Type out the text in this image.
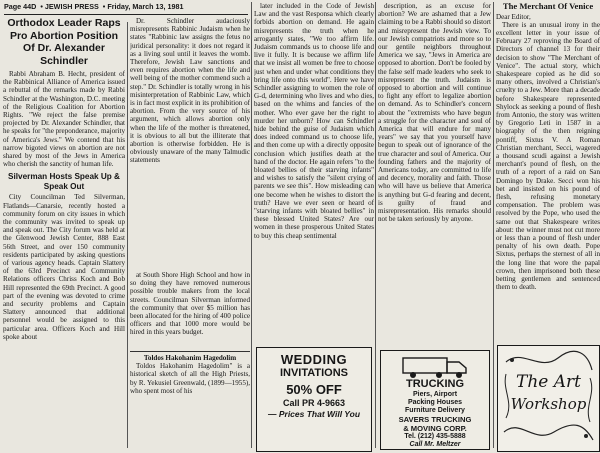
Page 44D  • JEWISH PRESS  • Friday, March 13, 1981
Orthodox Leader Raps Pro Abortion Position Of Dr. Alexander Schindler

Rabbi Abraham B. Hecht, president of the Rabbinical Alliance of America issued a rebuttal of the remarks made by Rabbi Schindler at the Washington, D.C. meeting of the Religious Coalition for Abortion Rights. "We reject the false premise projected by Dr. Alexander Schindler, that he speaks for "the preponderance, majority of America's Jews." We contend that his narrow bigoted views on abortion are not shared by most of the Jews in America who cherish the sanctity of human life.

Silverman Hosts Speak Up & Speak Out

City Councilman Ted Silverman, Flatlands—Canarsie, recently hosted a community forum on city issues in which the community was invited to speak up and speak out. The City forum was held at the Glenwood Jewish Center, 888 East 56th Street, and over 150 community residents participated by asking questions of various agency heads. Captain Slattery of the 63rd Precinct and Community Relations officers Chriss Koch and Bob Hill represented the 69th Precinct. A good part of the evening was devoted to crime and security problems and Captain Slattery announced that additional personnel would be assigned to this particular area. Officers Koch and Hill spoke about

Dr. Schindler audaciously misrepresents Rabbinic Judaism when he states "Rabbinic law assigns the fetus no juridical personality: it does not regard it as a living soul until it leaves the womb. Therefore, Jewish Law sanctions and even requires abortion when the life and well being of the mother commend such a step." Dr. Schindler is totally wrong in his misinterpretation of Rabbinic Law, which is in fact most explicit in its prohibition of abortion. From the very source of his argument, which allows abortion only when the life of the mother is threatened, it is obvious to all but the illiterate that abortion is otherwise forbidden. He is obviously unaware of the many Talmudic statements

at South Shore High School and how in so doing they have removed numerous possible trouble makers from the local streets. Councilman Silverman informed the community that over $5 million has been allocated for the hiring of 400 police officers and that 1000 more would be hired in this years budget.

Toldos Hakohanim Hagedolim

Toldos Hakohanim Hagedolim" is a historical sketch of all the High Priests, by R. Yekusiel Greenwald, (1899—1955), who spent most of his

later included in the Code of Jewish Law and the vast Responsa which clearly forbids abortion on demand. He again misrepresents the truth when he arrogantly states, "We too affirm life. Judaism commands us to choose life and live it fully. It is because we affirm life that we insist all women be free to choose just when and under what conditions they bring life onto this world". Here we have Schindler assigning to women the role of G-d, determining who lives and who dies, based on the whims and fancies of the mother. Who ever gave her the right to murder her unborn? How can Schindler hide behind the guise of Judaism which does indeed command us to choose life, and then come up with a directly opposite conclusion which justifies death at the hand of the doctor. He again refers "to the bloated bellies of their starving infants" and wishes to satisfy the "silent crying of parents we see this". How misleading can one become when he wishes to distort the truth? Have we ever seen or heard of "starving infants with bloated bellies" in these blessed United States? Are our women in these prosperous United States to buy this cheap sentimental

WEDDING
INVITATIONS
50% OFF
Call PR 4-9663
— Prices That Will You

description, as an excuse for abortion? We are ashamed that a Jew claiming to be a Rabbi should so distort and misrepresent the Jewish view. To our Jewish compatriots and more so to our gentile neighbors throughout America we say, "Jews in America are opposed to abortion. Don't be fooled by the false self made leaders who seek to misrepresent the truth. Judaism is opposed to abortion and will continue to fight any effort to legalize abortion on demand. As to Schindler's concern about the "extremists who have begun a struggle for the character and soul of America that will endure for many years" we say that you yourself have begun to speak out of ignorance of the true character and soul of America. Our founding fathers and the majority of Americans today, are committed to life and decency, morality and faith. Those who will have us believe that America is anything but G-d fearing and decent, is guilty of fraud and misrepresentation. His remarks should not be taken seriously by anyone.

TRUCKING
Piers, Airport
Packing Houses
Furniture Delivery
SAVERS TRUCKING
& MOVING CORP.
Tel. (212) 435-5888
Call Mr. Meltzer
The Merchant Of Venice
Dear Editor,

There is an unusual irony in the excellent letter in your issue of February 27 reproving the Board of Directors of channel 13 for their decision to show "The Merchant of Venice". The actual story, which Shakespeare copied as he did so many others, involved a Christian's cruelty to a Jew. More than a decade before Shakespeare represented Shylock as seeking a pound of flesh from Antonio, the story was written by Gregorio Leti in 1587 in a biography of the then reigning pontiff, Sixtus V. A Roman Christian merchant, Secci, wagered a thousand scudi against a Jewish merchant's pound of flesh, on the truth of a report of a raid on San Domingo by Drake. Secci won his bet and insisted on his pound of flesh, refusing monetary compensation. The problem was resolved by the Pope, who used the same out that Shakespeare writes about: the winner must not cut more or less than a pound of flesh under penalty of his own death. Pope Sixtus, perhaps the sternest of all in the long line that wore the papal crown, then imprisoned both these betting gentlemen and sentenced them to death.

The Art
Workshop
